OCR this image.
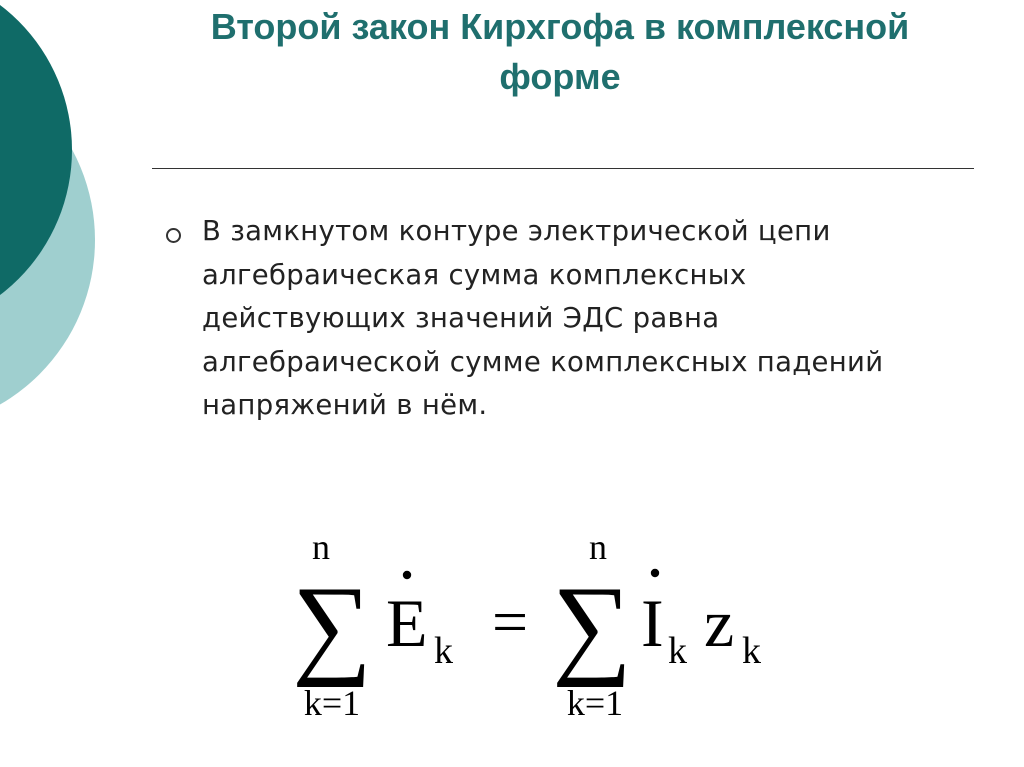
Второй закон Кирхгофа в комплексной форме
В замкнутом контуре электрической цепи алгебраическая сумма комплексных действующих значений ЭДС равна алгебраической сумме комплексных падений напряжений в нём.
n
∑
k=1
E k =
n
∑
k=1
I k z k
